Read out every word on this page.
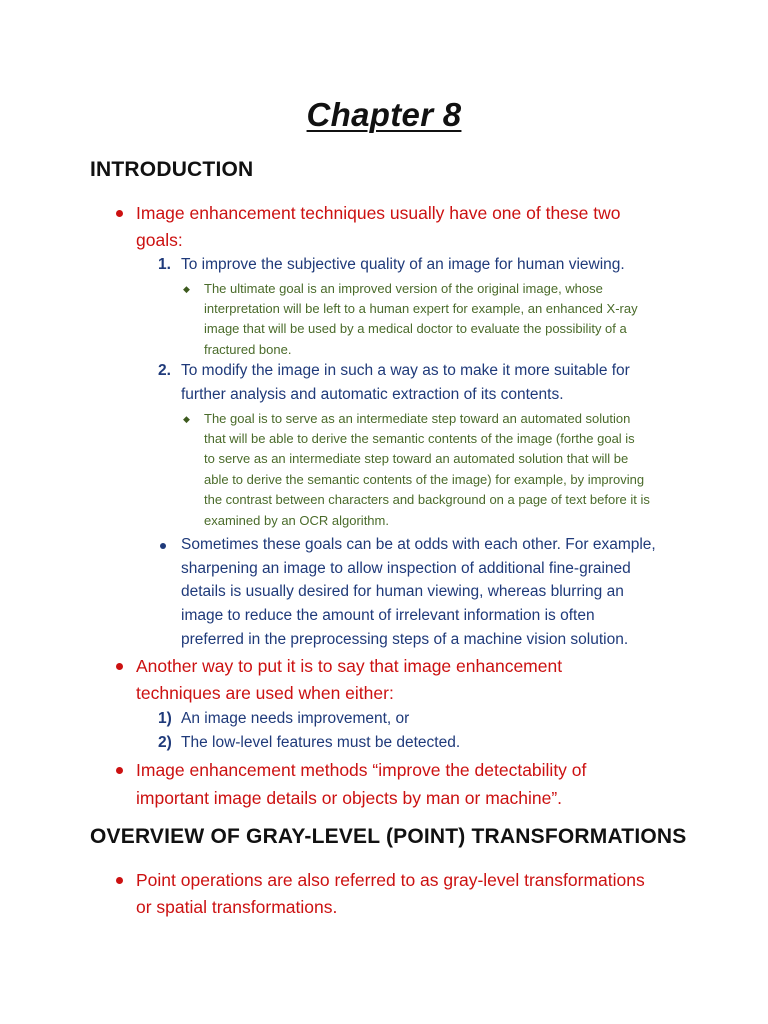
Chapter 8
INTRODUCTION
Image enhancement techniques usually have one of these two
goals:
1. To improve the subjective quality of an image for human viewing.
◆ The ultimate goal is an improved version of the original image, whose
interpretation will be left to a human expert for example, an enhanced X-ray
image that will be used by a medical doctor to evaluate the possibility of a
fractured bone.
2. To modify the image in such a way as to make it more suitable for
further analysis and automatic extraction of its contents.
◆ The goal is to serve as an intermediate step toward an automated solution
that will be able to derive the semantic contents of the image (forthe goal is
to serve as an intermediate step toward an automated solution that will be
able to derive the semantic contents of the image) for example, by improving
the contrast between characters and background on a page of text before it is
examined by an OCR algorithm.
Sometimes these goals can be at odds with each other. For example,
sharpening an image to allow inspection of additional fine-grained
details is usually desired for human viewing, whereas blurring an
image to reduce the amount of irrelevant information is often
preferred in the preprocessing steps of a machine vision solution.
Another way to put it is to say that image enhancement
techniques are used when either:
1) An image needs improvement, or
2) The low-level features must be detected.
Image enhancement methods “improve the detectability of
important image details or objects by man or machine”.
OVERVIEW OF GRAY-LEVEL (POINT) TRANSFORMATIONS
Point operations are also referred to as gray-level transformations
or spatial transformations.
